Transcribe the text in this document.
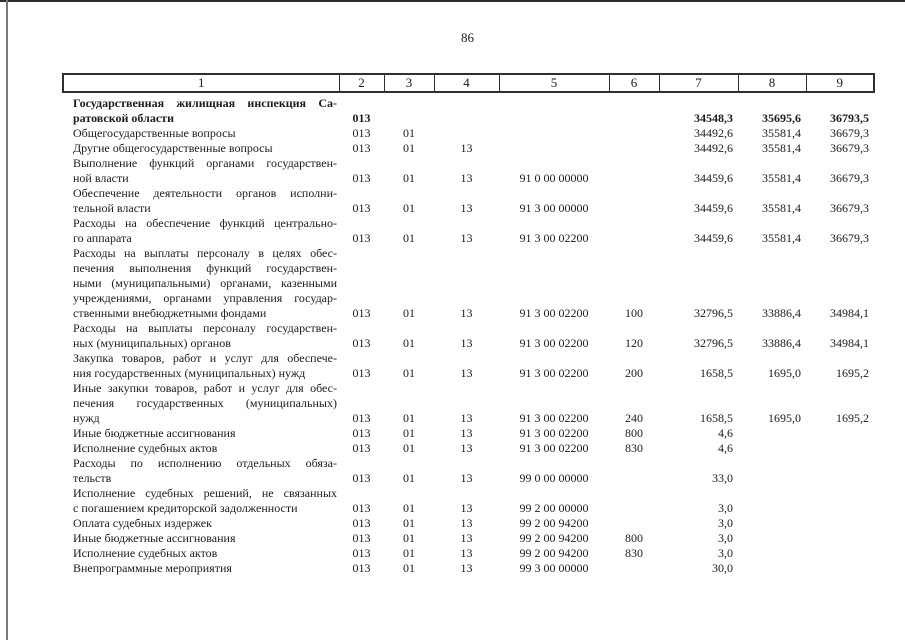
86
1	2	3	4	5	6	7	8	9

Государственная жилищная инспекция Са-
ратовской области	013					34548,3	35695,6	36793,5

Общегосударственные вопросы	013	01				34492,6	35581,4	36679,3

Другие общегосударственные вопросы	013	01	13			34492,6	35581,4	36679,3

Выполнение функций органами государствен-
ной власти	013	01	13	91 0 00 00000		34459,6	35581,4	36679,3

Обеспечение деятельности органов исполни-
тельной власти	013	01	13	91 3 00 00000		34459,6	35581,4	36679,3

Расходы на обеспечение функций центрально-
го аппарата	013	01	13	91 3 00 02200		34459,6	35581,4	36679,3

Расходы на выплаты персоналу в целях обес-
печения выполнения функций государствен-
ными (муниципальными) органами, казенными
учреждениями, органами управления государ-
ственными внебюджетными фондами	013	01	13	91 3 00 02200	100	32796,5	33886,4	34984,1

Расходы на выплаты персоналу государствен-
ных (муниципальных) органов	013	01	13	91 3 00 02200	120	32796,5	33886,4	34984,1

Закупка товаров, работ и услуг для обеспече-
ния государственных (муниципальных) нужд	013	01	13	91 3 00 02200	200	1658,5	1695,0	1695,2

Иные закупки товаров, работ и услуг для обес-
печения государственных (муниципальных)
нужд	013	01	13	91 3 00 02200	240	1658,5	1695,0	1695,2

Иные бюджетные ассигнования	013	01	13	91 3 00 02200	800	4,6		

Исполнение судебных актов	013	01	13	91 3 00 02200	830	4,6		

Расходы по исполнению отдельных обяза-
тельств	013	01	13	99 0 00 00000		33,0		

Исполнение судебных решений, не связанных
с погашением кредиторской задолженности	013	01	13	99 2 00 00000		3,0		

Оплата судебных издержек	013	01	13	99 2 00 94200		3,0		

Иные бюджетные ассигнования	013	01	13	99 2 00 94200	800	3,0		

Исполнение судебных актов	013	01	13	99 2 00 94200	830	3,0		

Внепрограммные мероприятия	013	01	13	99 3 00 00000		30,0		
